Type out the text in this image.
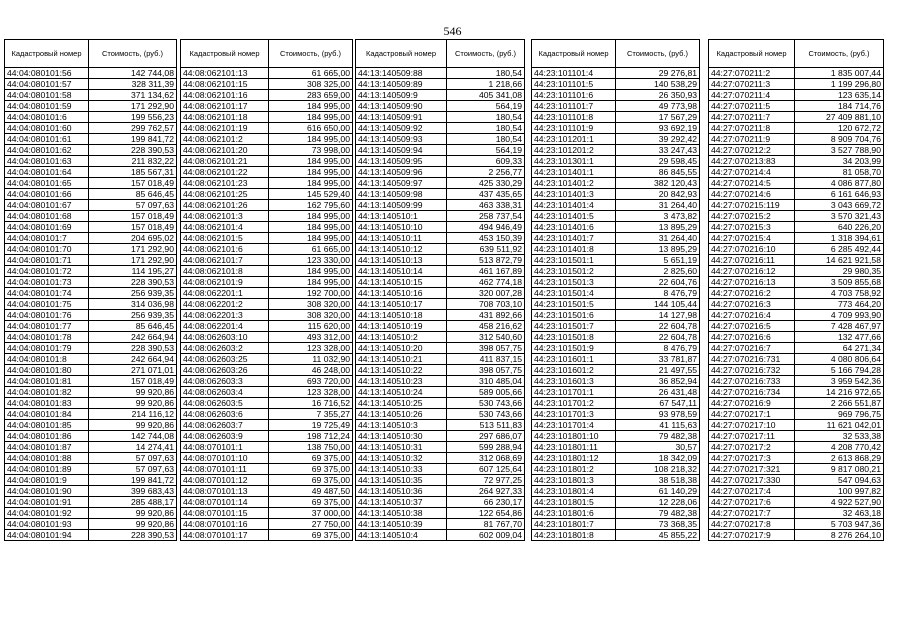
546
Кадастровый номер	Стоимость, (руб.)
44:04:080101:56	142 744,08
44:04:080101:57	328 311,39
44:04:080101:58	371 134,62
44:04:080101:59	171 292,90
44:04:080101:6	199 556,23
44:04:080101:60	299 762,57
44:04:080101:61	199 841,72
44:04:080101:62	228 390,53
44:04:080101:63	211 832,22
44:04:080101:64	185 567,31
44:04:080101:65	157 018,49
44:04:080101:66	85 646,45
44:04:080101:67	57 097,63
44:04:080101:68	157 018,49
44:04:080101:69	157 018,49
44:04:080101:7	204 695,02
44:04:080101:70	171 292,90
44:04:080101:71	171 292,90
44:04:080101:72	114 195,27
44:04:080101:73	228 390,53
44:04:080101:74	256 939,35
44:04:080101:75	314 036,98
44:04:080101:76	256 939,35
44:04:080101:77	85 646,45
44:04:080101:78	242 664,94
44:04:080101:79	228 390,53
44:04:080101:8	242 664,94
44:04:080101:80	271 071,01
44:04:080101:81	157 018,49
44:04:080101:82	99 920,86
44:04:080101:83	99 920,86
44:04:080101:84	214 116,12
44:04:080101:85	99 920,86
44:04:080101:86	142 744,08
44:04:080101:87	14 274,41
44:04:080101:88	57 097,63
44:04:080101:89	57 097,63
44:04:080101:9	199 841,72
44:04:080101:90	399 683,43
44:04:080101:91	285 488,17
44:04:080101:92	99 920,86
44:04:080101:93	99 920,86
44:04:080101:94	228 390,53
Кадастровый номер	Стоимость, (руб.)
44:08:062101:13	61 665,00
44:08:062101:15	308 325,00
44:08:062101:16	283 659,00
44:08:062101:17	184 995,00
44:08:062101:18	184 995,00
44:08:062101:19	616 650,00
44:08:062101:2	184 995,00
44:08:062101:20	73 998,00
44:08:062101:21	184 995,00
44:08:062101:22	184 995,00
44:08:062101:23	184 995,00
44:08:062101:25	145 529,40
44:08:062101:26	162 795,60
44:08:062101:3	184 995,00
44:08:062101:4	184 995,00
44:08:062101:5	184 995,00
44:08:062101:6	61 665,00
44:08:062101:7	123 330,00
44:08:062101:8	184 995,00
44:08:062101:9	184 995,00
44:08:062201:1	192 700,00
44:08:062201:2	308 320,00
44:08:062201:3	308 320,00
44:08:062201:4	115 620,00
44:08:062603:10	493 312,00
44:08:062603:2	123 328,00
44:08:062603:25	11 032,90
44:08:062603:26	46 248,00
44:08:062603:3	693 720,00
44:08:062603:4	123 328,00
44:08:062603:5	16 716,52
44:08:062603:6	7 355,27
44:08:062603:7	19 725,49
44:08:062603:9	198 712,24
44:08:070101:1	138 750,00
44:08:070101:10	69 375,00
44:08:070101:11	69 375,00
44:08:070101:12	69 375,00
44:08:070101:13	49 487,50
44:08:070101:14	69 375,00
44:08:070101:15	37 000,00
44:08:070101:16	27 750,00
44:08:070101:17	69 375,00
Кадастровый номер	Стоимость, (руб.)
44:13:140509:88	180,54
44:13:140509:89	1 218,66
44:13:140509:9	405 341,08
44:13:140509:90	564,19
44:13:140509:91	180,54
44:13:140509:92	180,54
44:13:140509:93	180,54
44:13:140509:94	564,19
44:13:140509:95	609,33
44:13:140509:96	2 256,77
44:13:140509:97	425 330,29
44:13:140509:98	437 435,65
44:13:140509:99	463 338,31
44:13:140510:1	258 737,54
44:13:140510:10	494 946,49
44:13:140510:11	453 150,39
44:13:140510:12	639 511,92
44:13:140510:13	513 872,79
44:13:140510:14	461 167,89
44:13:140510:15	462 774,18
44:13:140510:16	320 007,28
44:13:140510:17	708 703,10
44:13:140510:18	431 892,66
44:13:140510:19	458 216,62
44:13:140510:2	312 540,60
44:13:140510:20	398 057,75
44:13:140510:21	411 837,15
44:13:140510:22	398 057,75
44:13:140510:23	310 485,04
44:13:140510:24	589 005,66
44:13:140510:25	530 743,66
44:13:140510:26	530 743,66
44:13:140510:3	513 511,83
44:13:140510:30	297 686,07
44:13:140510:31	599 288,94
44:13:140510:32	312 068,69
44:13:140510:33	607 125,64
44:13:140510:35	72 977,25
44:13:140510:36	264 927,33
44:13:140510:37	66 230,17
44:13:140510:38	122 654,86
44:13:140510:39	81 767,70
44:13:140510:4	602 009,04
Кадастровый номер	Стоимость, (руб.)
44:23:101101:4	29 276,81
44:23:101101:5	140 538,29
44:23:101101:6	26 350,93
44:23:101101:7	49 773,98
44:23:101101:8	17 567,29
44:23:101101:9	93 692,19
44:23:101201:1	39 292,42
44:23:101201:2	33 247,43
44:23:101301:1	29 598,45
44:23:101401:1	86 845,55
44:23:101401:2	382 120,43
44:23:101401:3	20 842,93
44:23:101401:4	31 264,40
44:23:101401:5	3 473,82
44:23:101401:6	13 895,29
44:23:101401:7	31 264,40
44:23:101401:8	13 895,29
44:23:101501:1	5 651,19
44:23:101501:2	2 825,60
44:23:101501:3	22 604,76
44:23:101501:4	8 476,79
44:23:101501:5	144 105,44
44:23:101501:6	14 127,98
44:23:101501:7	22 604,78
44:23:101501:8	22 604,78
44:23:101501:9	8 476,79
44:23:101601:1	33 781,87
44:23:101601:2	21 497,55
44:23:101601:3	36 852,94
44:23:101701:1	26 431,48
44:23:101701:2	67 547,11
44:23:101701:3	93 978,59
44:23:101701:4	41 115,63
44:23:101801:10	79 482,38
44:23:101801:11	30,57
44:23:101801:12	18 342,09
44:23:101801:2	108 218,32
44:23:101801:3	38 518,38
44:23:101801:4	61 140,29
44:23:101801:5	12 228,06
44:23:101801:6	79 482,38
44:23:101801:7	73 368,35
44:23:101801:8	45 855,22
Кадастровый номер	Стоимость, (руб.)
44:27:070211:2	1 835 007,44
44:27:070211:3	1 199 296,80
44:27:070211:4	123 635,14
44:27:070211:5	184 714,76
44:27:070211:7	27 409 881,10
44:27:070211:8	120 672,72
44:27:070211:9	8 909 704,76
44:27:070212:2	3 527 788,90
44:27:070213:83	34 203,99
44:27:070214:4	81 058,70
44:27:070214:5	4 086 877,80
44:27:070214:6	6 161 646,93
44:27:070215:119	3 043 669,72
44:27:070215:2	3 570 321,43
44:27:070215:3	640 226,20
44:27:070215:4	1 318 394,61
44:27:070216:10	6 285 492,44
44:27:070216:11	14 621 921,58
44:27:070216:12	29 980,35
44:27:070216:13	3 509 855,68
44:27:070216:2	4 703 758,92
44:27:070216:3	773 464,20
44:27:070216:4	4 709 993,90
44:27:070216:5	7 428 467,97
44:27:070216:6	132 477,66
44:27:070216:7	64 271,34
44:27:070216:731	4 080 806,64
44:27:070216:732	5 166 794,28
44:27:070216:733	3 959 542,36
44:27:070216:734	14 216 972,65
44:27:070216:9	2 266 551,87
44:27:070217:1	969 796,75
44:27:070217:10	11 621 042,01
44:27:070217:11	32 533,38
44:27:070217:2	4 208 770,42
44:27:070217:3	2 613 868,29
44:27:070217:321	9 817 080,21
44:27:070217:330	547 094,63
44:27:070217:4	100 997,82
44:27:070217:6	4 922 527,90
44:27:070217:7	32 463,18
44:27:070217:8	5 703 947,36
44:27:070217:9	8 276 264,10
